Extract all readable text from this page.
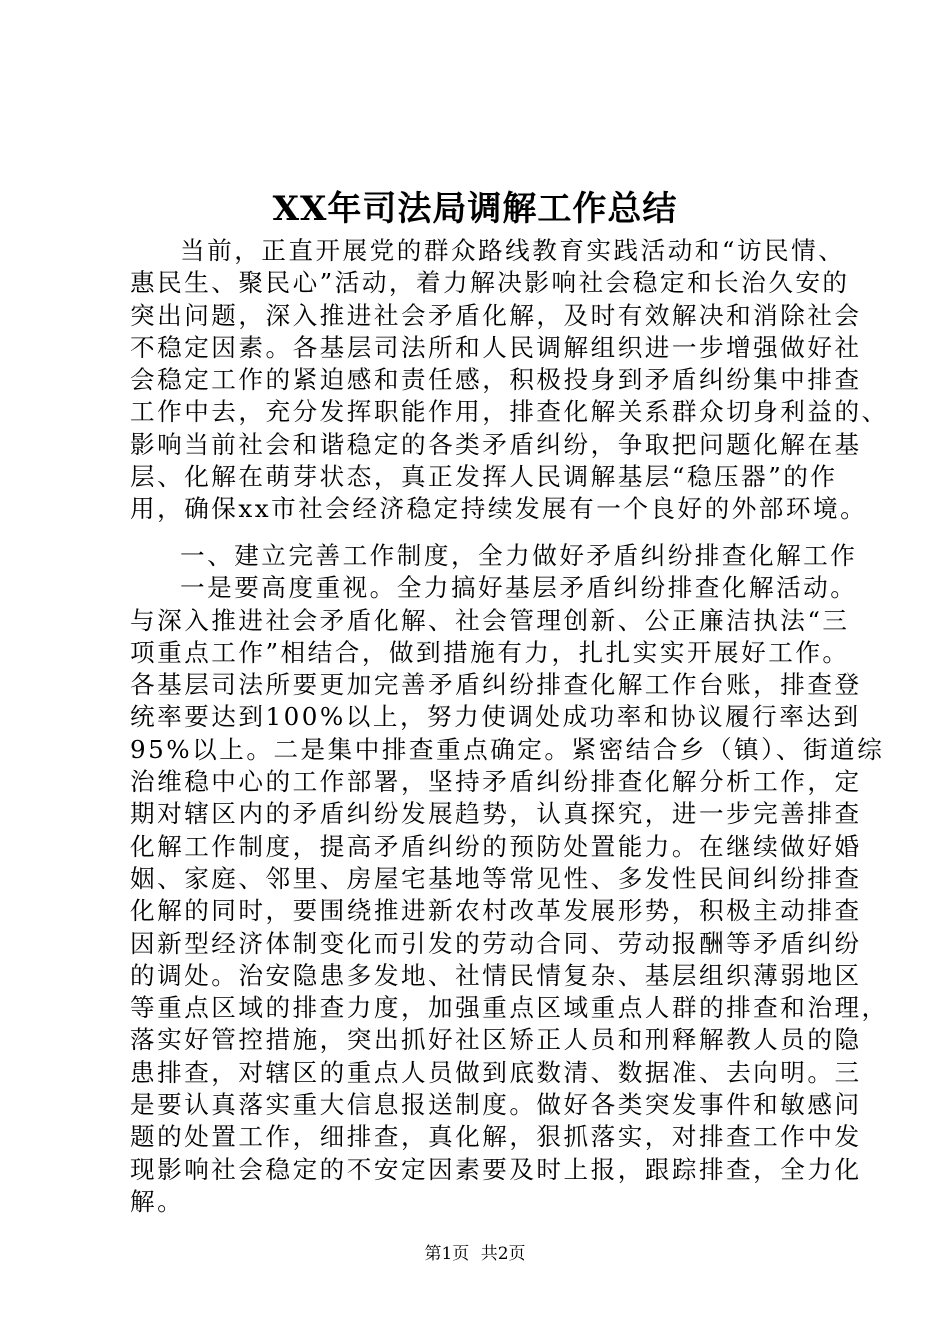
XX年司法局调解工作总结
当前，正直开展党的群众路线教育实践活动和“访民情、
惠民生、聚民心”活动，着力解决影响社会稳定和长治久安的
突出问题，深入推进社会矛盾化解，及时有效解决和消除社会
不稳定因素。各基层司法所和人民调解组织进一步增强做好社
会稳定工作的紧迫感和责任感，积极投身到矛盾纠纷集中排查
工作中去，充分发挥职能作用，排查化解关系群众切身利益的、
影响当前社会和谐稳定的各类矛盾纠纷，争取把问题化解在基
层、化解在萌芽状态，真正发挥人民调解基层“稳压器”的作
用，确保xx市社会经济稳定持续发展有一个良好的外部环境。
一、建立完善工作制度，全力做好矛盾纠纷排查化解工作
一是要高度重视。全力搞好基层矛盾纠纷排查化解活动。
与深入推进社会矛盾化解、社会管理创新、公正廉洁执法“三
项重点工作”相结合，做到措施有力，扎扎实实开展好工作。
各基层司法所要更加完善矛盾纠纷排查化解工作台账，排查登
统率要达到100%以上，努力使调处成功率和协议履行率达到
95%以上。二是集中排查重点确定。紧密结合乡（镇）、街道综
治维稳中心的工作部署，坚持矛盾纠纷排查化解分析工作，定
期对辖区内的矛盾纠纷发展趋势，认真探究，进一步完善排查
化解工作制度，提高矛盾纠纷的预防处置能力。在继续做好婚
姻、家庭、邻里、房屋宅基地等常见性、多发性民间纠纷排查
化解的同时，要围绕推进新农村改革发展形势，积极主动排查
因新型经济体制变化而引发的劳动合同、劳动报酬等矛盾纠纷
的调处。治安隐患多发地、社情民情复杂、基层组织薄弱地区
等重点区域的排查力度，加强重点区域重点人群的排查和治理，
落实好管控措施，突出抓好社区矫正人员和刑释解教人员的隐
患排查，对辖区的重点人员做到底数清、数据准、去向明。三
是要认真落实重大信息报送制度。做好各类突发事件和敏感问
题的处置工作，细排查，真化解，狠抓落实，对排查工作中发
现影响社会稳定的不安定因素要及时上报，跟踪排查，全力化
解。
第1页 共2页
